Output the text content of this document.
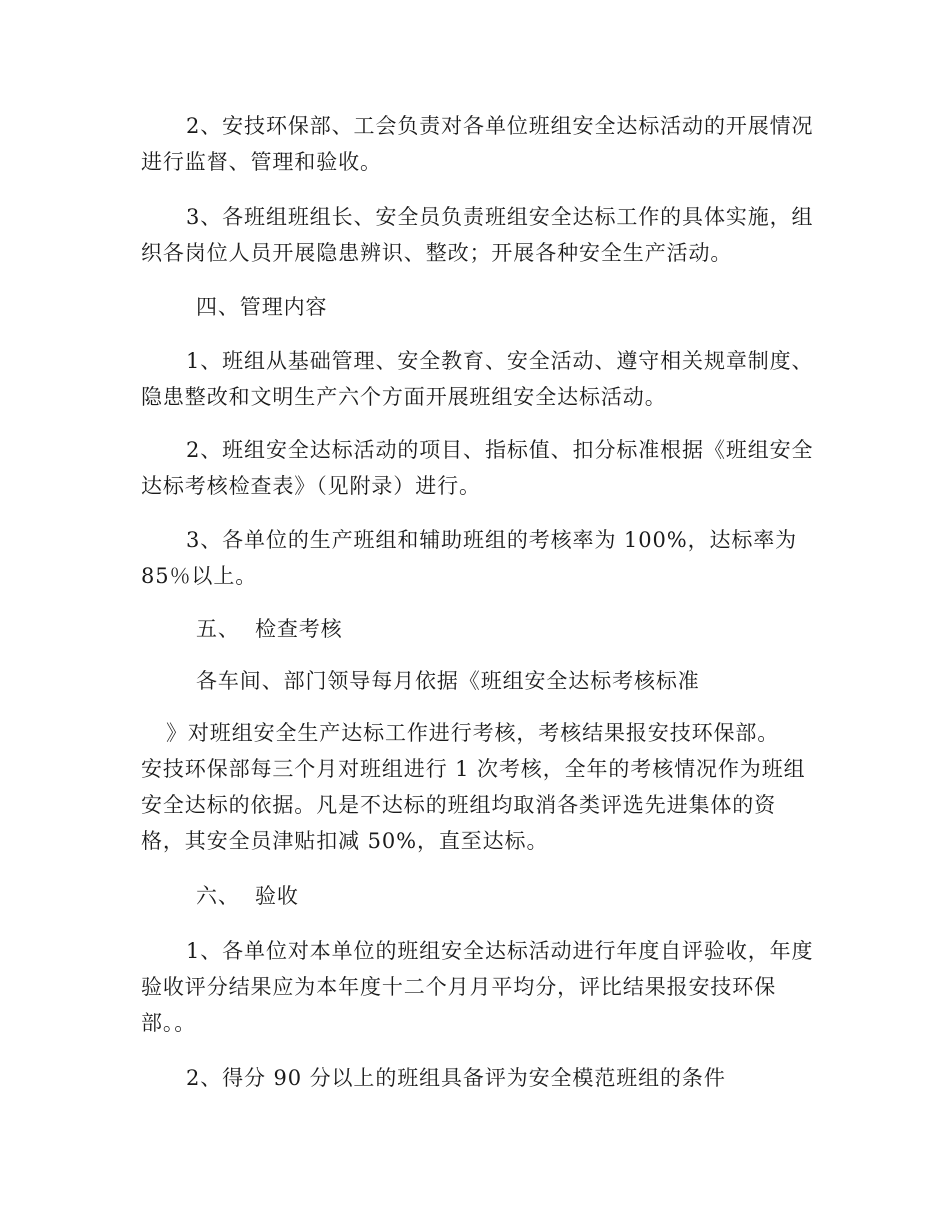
2、安技环保部、工会负责对各单位班组安全达标活动的开展情况
进行监督、管理和验收。
3、各班组班组长、安全员负责班组安全达标工作的具体实施，组
织各岗位人员开展隐患辨识、整改；开展各种安全生产活动。
四、管理内容
1、班组从基础管理、安全教育、安全活动、遵守相关规章制度、
隐患整改和文明生产六个方面开展班组安全达标活动。
2、班组安全达标活动的项目、指标值、扣分标准根据《班组安全
达标考核检查表》（见附录）进行。
3、各单位的生产班组和辅助班组的考核率为 100%，达标率为
85％以上。
五、  检查考核
各车间、部门领导每月依据《班组安全达标考核标准
》对班组安全生产达标工作进行考核，考核结果报安技环保部。
安技环保部每三个月对班组进行 1 次考核，全年的考核情况作为班组
安全达标的依据。凡是不达标的班组均取消各类评选先进集体的资
格，其安全员津贴扣减 50%，直至达标。
六、  验收
1、各单位对本单位的班组安全达标活动进行年度自评验收，年度
验收评分结果应为本年度十二个月月平均分，评比结果报安技环保
部。。
2、得分 90 分以上的班组具备评为安全模范班组的条件
